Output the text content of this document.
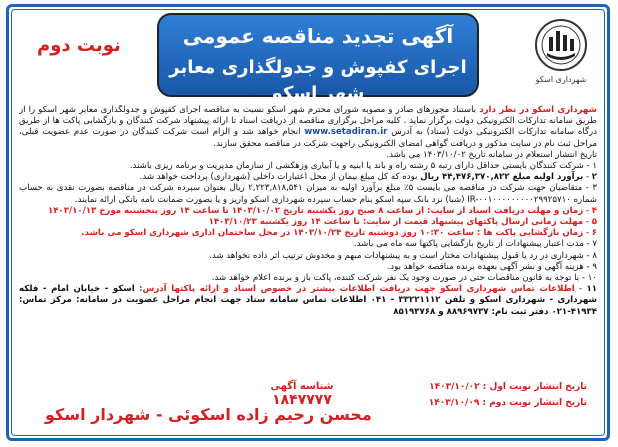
نوبت دوم	آگهی تجدید مناقصه عمومی
اجرای کفپوش و جدولگذاری معابر شهر اسکو
شهرداری اسکو

شهرداری اسکو در نظر دارد باستناد مجوزهای صادر و مصوبه شورای محترم شهر اسکو نسبت به مناقصه اجرای کفپوش و جدولگذاری معابر شهر اسکو را از طریق سامانه تدارکات الکترونیکی دولت برگزار نماید . کلیه مراحل برگزاری مناقصه از دریافت اسناد تا ارائه پیشنهاد شرکت کنندگان و بازگشایی پاکت ها از طریق درگاه سامانه تدارکات الکترونیکی دولت (ستاد) به آدرس www.setadiran.ir انجام خواهد شد و الزام است شرکت کنندگان در صورت عدم عضویت قبلی، مراحل ثبت نام در سایت مذکور و دریافت گواهی امضای الکترونیکی راجهت شرکت در مناقصه محقق سازند.

تاریخ انتشار استعلام در سامانه تاریخ ۱۴۰۳/۱۰/۰۲ می باشد.

۱ - شرکت کنندگان بایستی حداقل دارای رتبه ۵ رشته راه و باند یا ابنیه و یا آبیاری وزهکشی از سازمان مدیریت و برنامه ریزی باشند.

۲ - برآورد اولیه مبلغ ۴۴,۴۷۶,۳۷۰,۸۲۲ ریال بوده که کل مبلغ بیمان از محل اعتبارات داخلی (شهرداری) پرداخت خواهد شد.

۳ - متقاضیان جهت شرکت در مناقصه می بایست ۵٪ مبلغ برآورد اولیه به میزان ۲,۲۲۳,۸۱۸,۵۴۱ ریال بعنوان سپرده شرکت در مناقصه بصورت نقدی به حساب شماره IR-۰۰۱۰۰۰۰۰۰۰۰۰۲۹۹۲۵۷۱۰ (شبا) نزد بانک سپه اسکو بنام حساب سپرده شهرداری اسکو واریز و یا بصورت ضمانت نامه بانکی ارائه نمایند.

۴ - زمان و مهلت دریافت اسناد از سایت: از ساعت ۸ صبح روز یکشنبه تاریخ ۱۴۰۳/۱۰/۰۲ تا ساعت ۱۴ روز پنجشنبه مورخ ۱۴۰۳/۱۰/۱۳

۵ - مهلت زمانی ارسال پاکتهای پیشنهاد قیمت از سایت: تا ساعت ۱۴ روز یکشنبه ۱۴۰۳/۱۰/۲۳

۶ - زمان بازگشایی پاکت ها : ساعت ۱۰:۳۰ روز دوشنبه تاریخ ۱۴۰۳/۱۰/۲۴ در محل ساختمان اداری شهرداری اسکو می باشد.

۷ - مدت اعتبار پیشنهادات از تاریخ بازگشایی پاکتها سه ماه می باشد.

۸ - شهرداری در رد یا قبول پیشنهادات مختار است و به پیشنهادات مبهم و مخدوش ترتیب اثر داده نخواهد شد.

۹ - هزینه آگهی و نشر آگهی بعهده برنده مناقصه خواهد بود.

۱۰ - با توجه به قانون مناقصات حتی در صورت وجود یک نفر شرکت کننده، پاکت باز و برنده اعلام خواهد شد.

۱۱ - اطلاعات تماس شهرداری اسکو جهت دریافت اطلاعات بیشتر در خصوص اسناد و ارائه پاکتها آدرس: اسکو - خیابان امام - فلکه شهرداری - شهرداری اسکو و تلفن ۳۳۲۲۱۱۱۲ - ۰۴۱ اطلاعات تماس سامانه ستاد جهت انجام مراحل عضویت در سامانه: مرکز تماس: ۴۱۹۳۴-۰۲۱ دفتر ثبت نام: ۸۸۹۶۹۷۳۷ و ۸۵۱۹۳۷۶۸

تاریخ انتشار نوبت اول : ۱۴۰۳/۱۰/۰۲
تاریخ انتشار نوبت دوم : ۱۴۰۳/۱۰/۰۹
شناسه آگهی
۱۸۴۷۷۷۷
محسن رحیم زاده اسکوئی - شهردار اسکو
